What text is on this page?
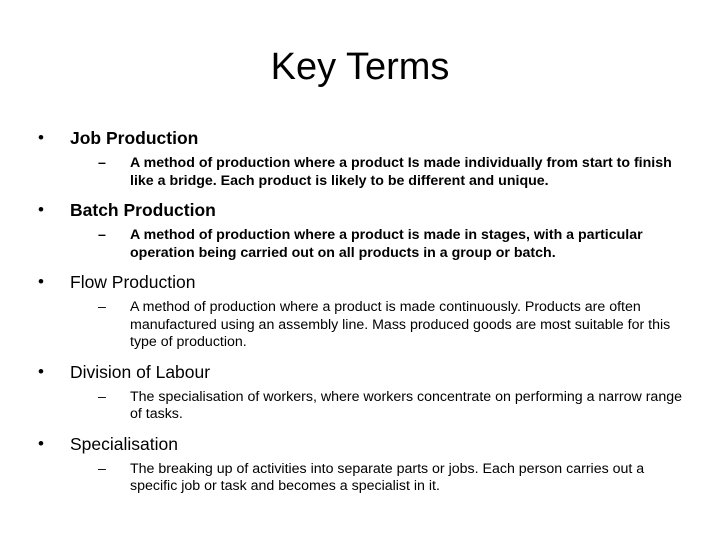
Key Terms
• Job Production
– A method of production where a product Is made individually from start to finish like a bridge. Each product is likely to be different and unique.
• Batch Production
– A method of production where a product is made in stages, with a particular operation being carried out on all products in a group or batch.
• Flow Production
– A method of production where a product is made continuously. Products are often manufactured using an assembly line. Mass produced goods are most suitable for this type of production.
• Division of Labour
– The specialisation of workers, where workers concentrate on performing a narrow range of tasks.
• Specialisation
– The breaking up of activities into separate parts or jobs. Each person carries out a specific job or task and becomes a specialist in it.
